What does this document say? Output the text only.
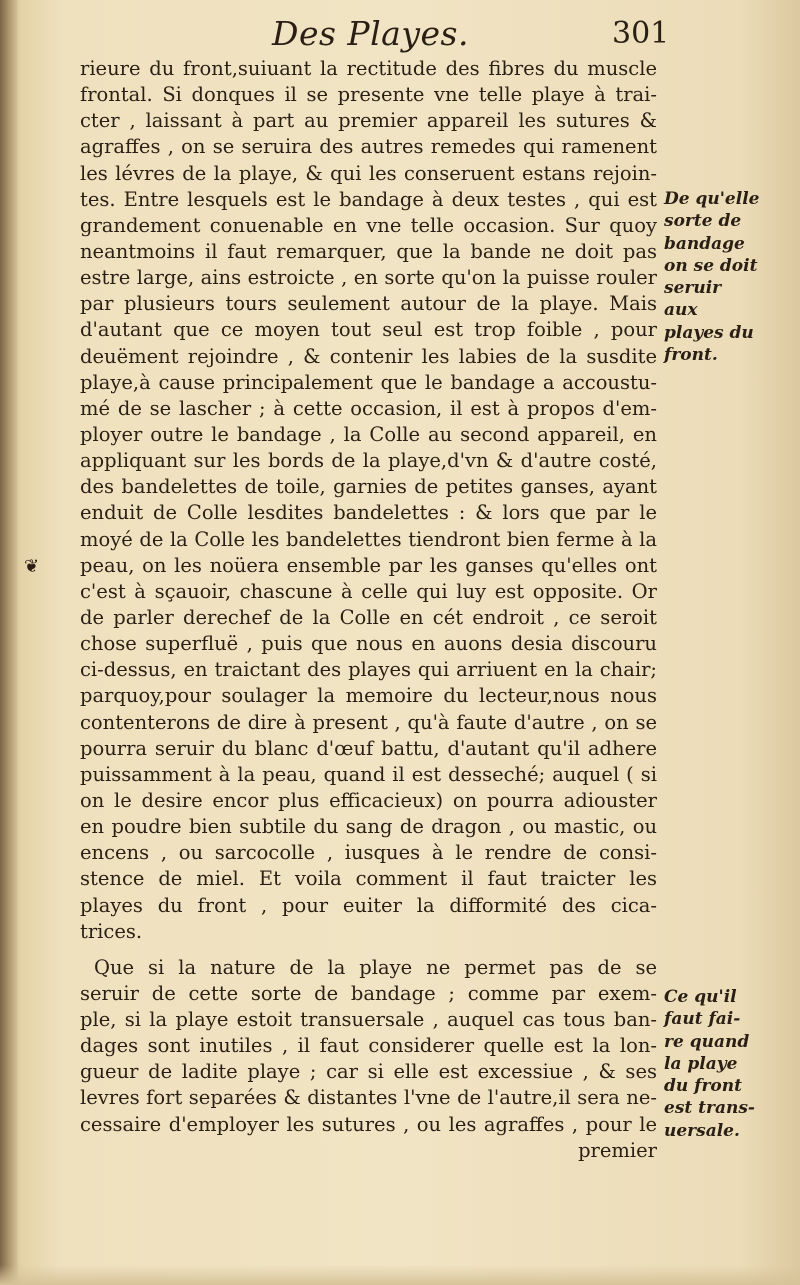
Des Playes.	301
❦
rieure du front,suiuant la rectitude des fibres du muscle
frontal. Si donques il se presente vne telle playe à trai-
cter , laissant à part au premier appareil les sutures &
agraffes , on se seruira des autres remedes qui ramenent
les lévres de la playe, & qui les conseruent estans rejoin-
tes. Entre lesquels est le bandage à deux testes , qui est
grandement conuenable en vne telle occasion. Sur quoy
neantmoins il faut remarquer, que la bande ne doit pas
estre large, ains estroicte , en sorte qu'on la puisse rouler
par plusieurs tours seulement autour de la playe. Mais
d'autant que ce moyen tout seul est trop foible , pour
deuëment rejoindre , & contenir les labies de la susdite
playe,à cause principalement que le bandage a accoustu-
mé de se lascher ; à cette occasion, il est à propos d'em-
ployer outre le bandage , la Colle au second appareil, en
appliquant sur les bords de la playe,d'vn & d'autre costé,
des bandelettes de toile, garnies de petites ganses, ayant
enduit de Colle lesdites bandelettes : & lors que par le
moyé de la Colle les bandelettes tiendront bien ferme à la
peau, on les noüera ensemble par les ganses qu'elles ont
c'est à sçauoir, chascune à celle qui luy est opposite. Or
de parler derechef de la Colle en cét endroit , ce seroit
chose superfluë , puis que nous en auons desia discouru
ci-dessus, en traictant des playes qui arriuent en la chair;
parquoy,pour soulager la memoire du lecteur,nous nous
contenterons de dire à present , qu'à faute d'autre , on se
pourra seruir du blanc d'œuf battu, d'autant qu'il adhere
puissamment à la peau, quand il est desseché; auquel ( si
on le desire encor plus efficacieux) on pourra adiouster
en poudre bien subtile du sang de dragon , ou mastic, ou
encens , ou sarcocolle , iusques à le rendre de consi-
stence de miel. Et voila comment il faut traicter les
playes du front , pour euiter la difformité des cica-
trices.
Que si la nature de la playe ne permet pas de se
seruir de cette sorte de bandage ; comme par exem-
ple, si la playe estoit transuersale , auquel cas tous ban-
dages sont inutiles , il faut considerer quelle est la lon-
gueur de ladite playe ; car si elle est excessiue , & ses
levres fort separées & distantes l'vne de l'autre,il sera ne-
cessaire d'employer les sutures , ou les agraffes , pour le
premier
De qu'elle
sorte de
bandage
on se doit
seruir
aux
playes du
front.
Ce qu'il
faut fai-
re quand
la playe
du front
est trans-
uersale.
